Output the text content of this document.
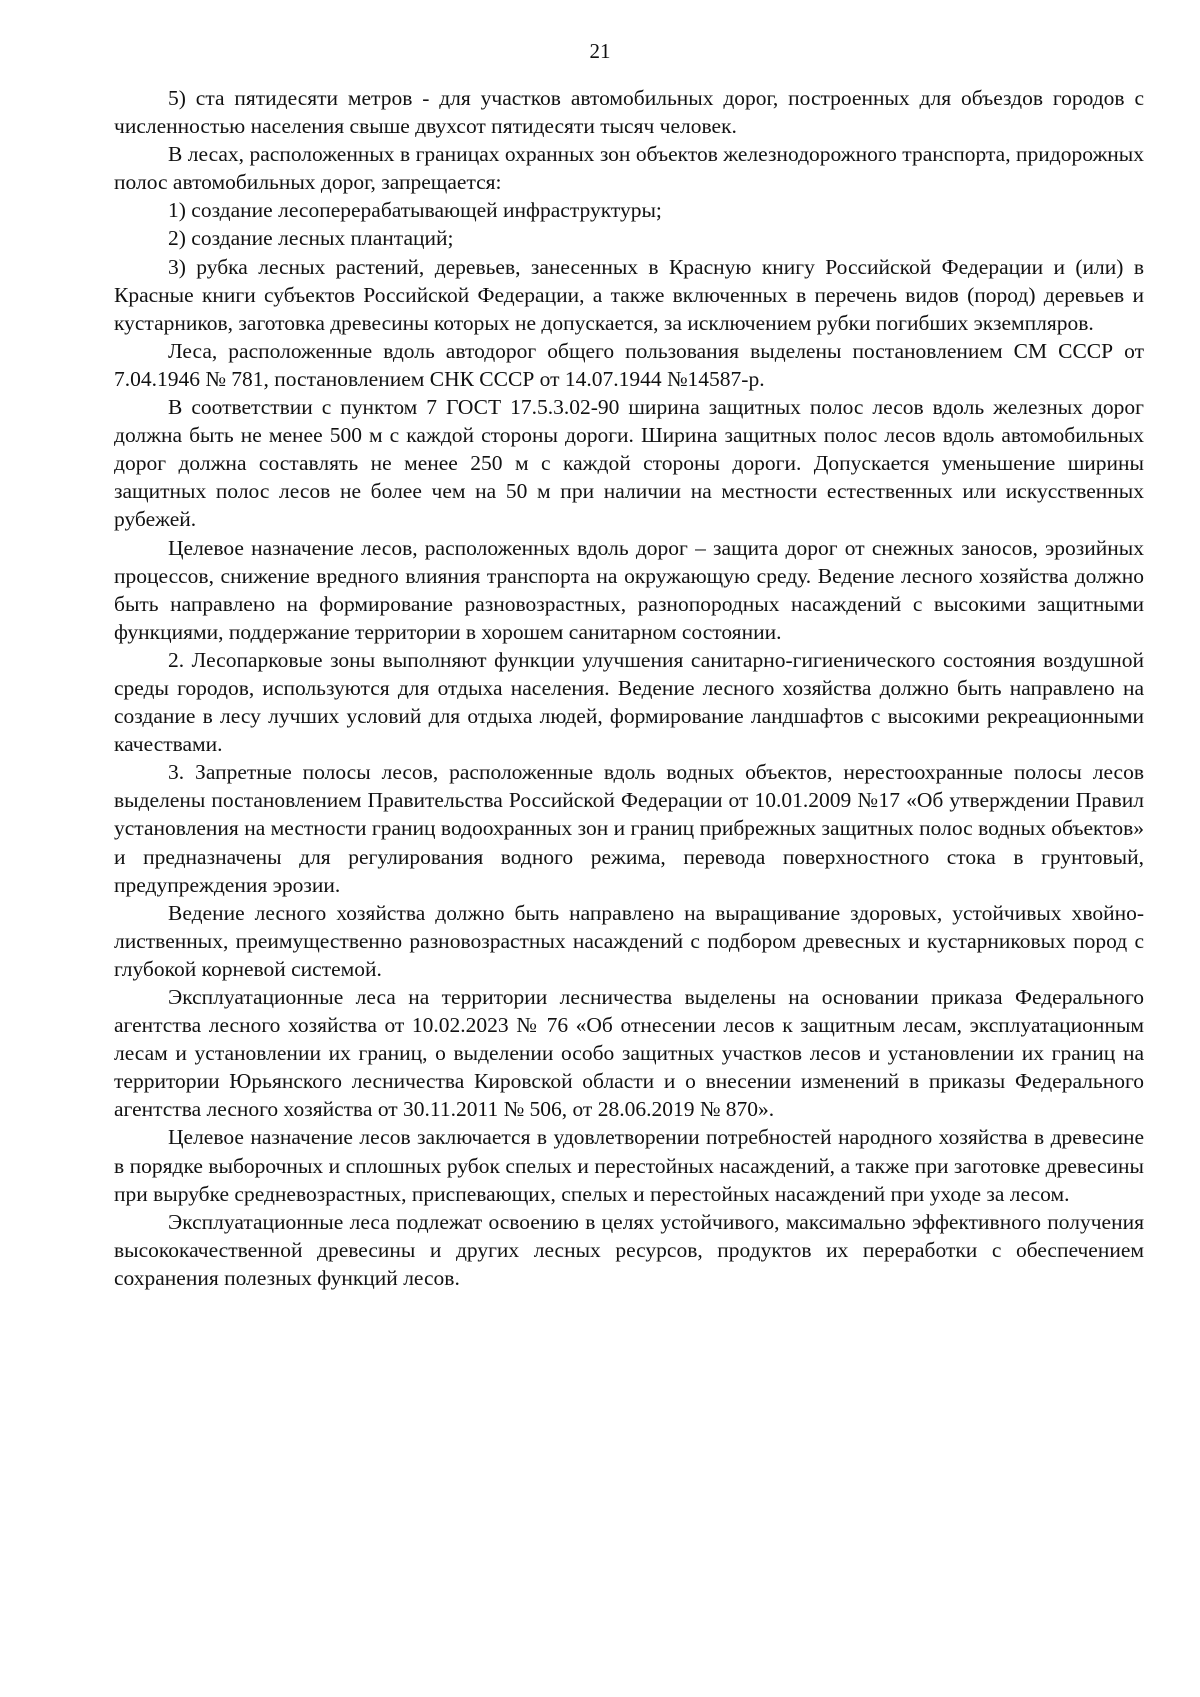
21

5) ста пятидесяти метров - для участков автомобильных дорог, построенных для объездов городов с численностью населения свыше двухсот пятидесяти тысяч человек.

В лесах, расположенных в границах охранных зон объектов железнодорожного транспорта, придорожных полос автомобильных дорог, запрещается:

1) создание лесоперерабатывающей инфраструктуры;

2) создание лесных плантаций;

3) рубка лесных растений, деревьев, занесенных в Красную книгу Российской Федерации и (или) в Красные книги субъектов Российской Федерации, а также включенных в перечень видов (пород) деревьев и кустарников, заготовка древесины которых не допускается, за исключением рубки погибших экземпляров.

Леса, расположенные вдоль автодорог общего пользования выделены постановлением СМ СССР от 7.04.1946 № 781, постановлением СНК СССР от 14.07.1944 №14587-р.

В соответствии с пунктом 7 ГОСТ 17.5.3.02-90 ширина защитных полос лесов вдоль железных дорог должна быть не менее 500 м с каждой стороны дороги. Ширина защитных полос лесов вдоль автомобильных дорог должна составлять не менее 250 м с каждой стороны дороги. Допускается уменьшение ширины защитных полос лесов не более чем на 50 м при наличии на местности естественных или искусственных рубежей.

Целевое назначение лесов, расположенных вдоль дорог – защита дорог от снежных заносов, эрозийных процессов, снижение вредного влияния транспорта на окружающую среду. Ведение лесного хозяйства должно быть направлено на формирование разновозрастных, разнопородных насаждений с высокими защитными функциями, поддержание территории в хорошем санитарном состоянии.

2. Лесопарковые зоны выполняют функции улучшения санитарно-гигиенического состояния воздушной среды городов, используются для отдыха населения. Ведение лесного хозяйства должно быть направлено на создание в лесу лучших условий для отдыха людей, формирование ландшафтов с высокими рекреационными качествами.

3. Запретные полосы лесов, расположенные вдоль водных объектов, нерестоохранные полосы лесов выделены постановлением Правительства Российской Федерации от 10.01.2009 №17 «Об утверждении Правил установления на местности границ водоохранных зон и границ прибрежных защитных полос водных объектов» и предназначены для регулирования водного режима, перевода поверхностного стока в грунтовый, предупреждения эрозии.

Ведение лесного хозяйства должно быть направлено на выращивание здоровых, устойчивых хвойно-лиственных, преимущественно разновозрастных насаждений с подбором древесных и кустарниковых пород с глубокой корневой системой.

Эксплуатационные леса на территории лесничества выделены на основании приказа Федерального агентства лесного хозяйства от 10.02.2023 № 76 «Об отнесении лесов к защитным лесам, эксплуатационным лесам и установлении их границ, о выделении особо защитных участков лесов и установлении их границ на территории Юрьянского лесничества Кировской области и о внесении изменений в приказы Федерального агентства лесного хозяйства от 30.11.2011 № 506, от 28.06.2019 № 870».

Целевое назначение лесов заключается в удовлетворении потребностей народного хозяйства в древесине в порядке выборочных и сплошных рубок спелых и перестойных насаждений, а также при заготовке древесины при вырубке средневозрастных, приспевающих, спелых и перестойных насаждений при уходе за лесом.

Эксплуатационные леса подлежат освоению в целях устойчивого, максимально эффективного получения высококачественной древесины и других лесных ресурсов, продуктов их переработки с обеспечением сохранения полезных функций лесов.
